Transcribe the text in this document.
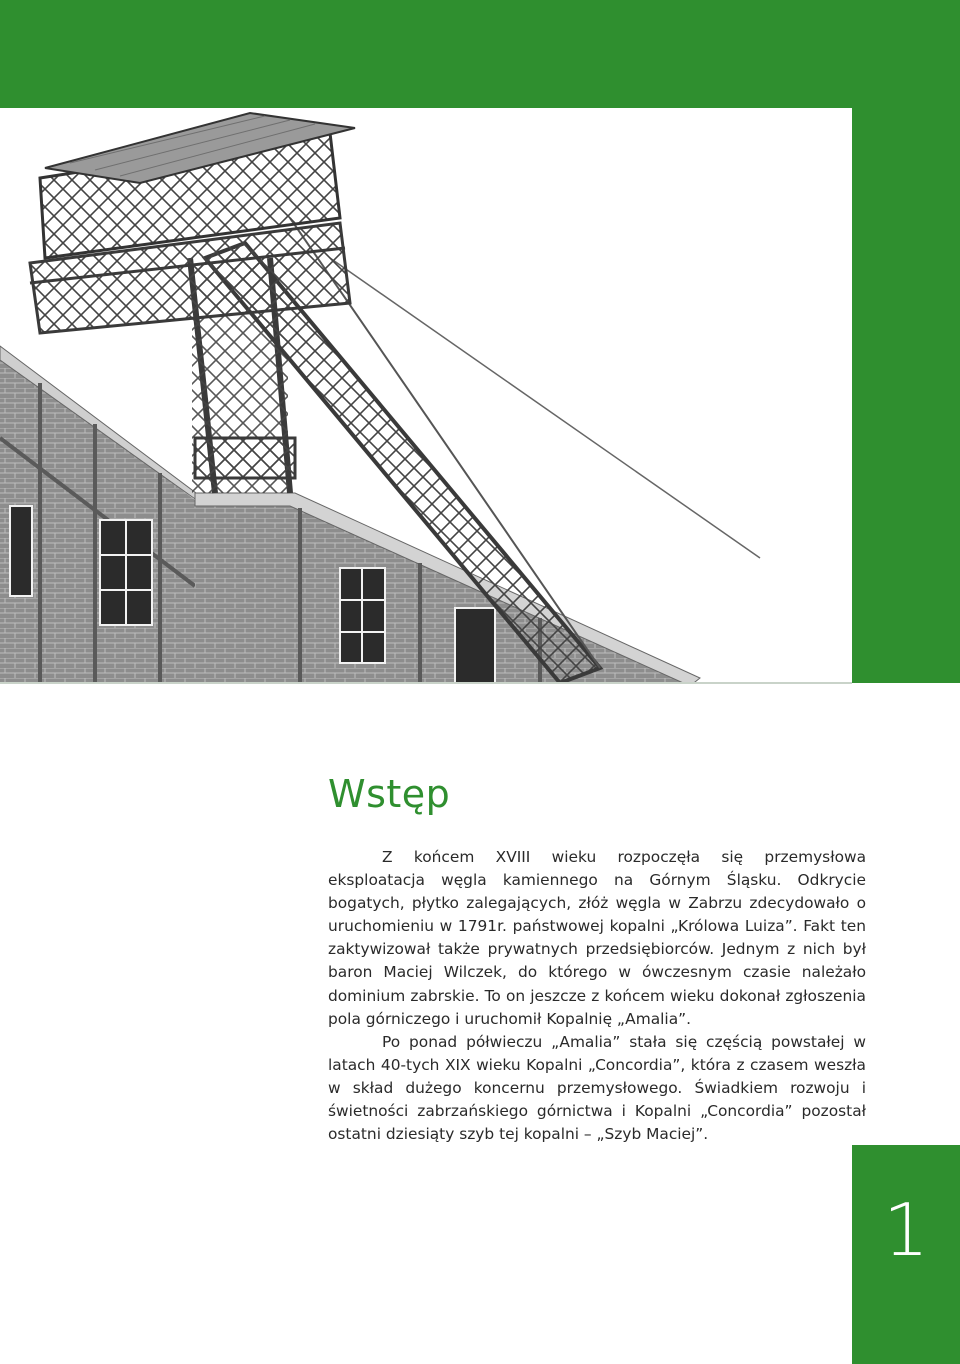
Wstęp

Z końcem XVIII wieku rozpoczęła się przemysłowa eksploatacja węgla kamiennego na Górnym Śląsku. Odkrycie bogatych, płytko zalegających, złóż węgla w Zabrzu zdecydowało o uruchomieniu w 1791r. państwowej kopalni „Królowa Luiza”. Fakt ten zaktywizował także prywatnych przedsiębiorców. Jednym z nich był baron Maciej Wilczek, do którego w ówczesnym czasie należało dominium zabrskie. To on jeszcze z końcem wieku dokonał zgłoszenia pola górniczego i uruchomił Kopalnię „Amalia”.

Po ponad półwieczu „Amalia” stała się częścią powstałej w latach 40-tych XIX wieku Kopalni „Concordia”, która z czasem weszła w skład dużego koncernu przemysłowego. Świadkiem rozwoju i świetności zabrzańskiego górnictwa i Kopalni „Concordia” pozostał ostatni dziesiąty szyb tej kopalni – „Szyb Maciej”.

1
